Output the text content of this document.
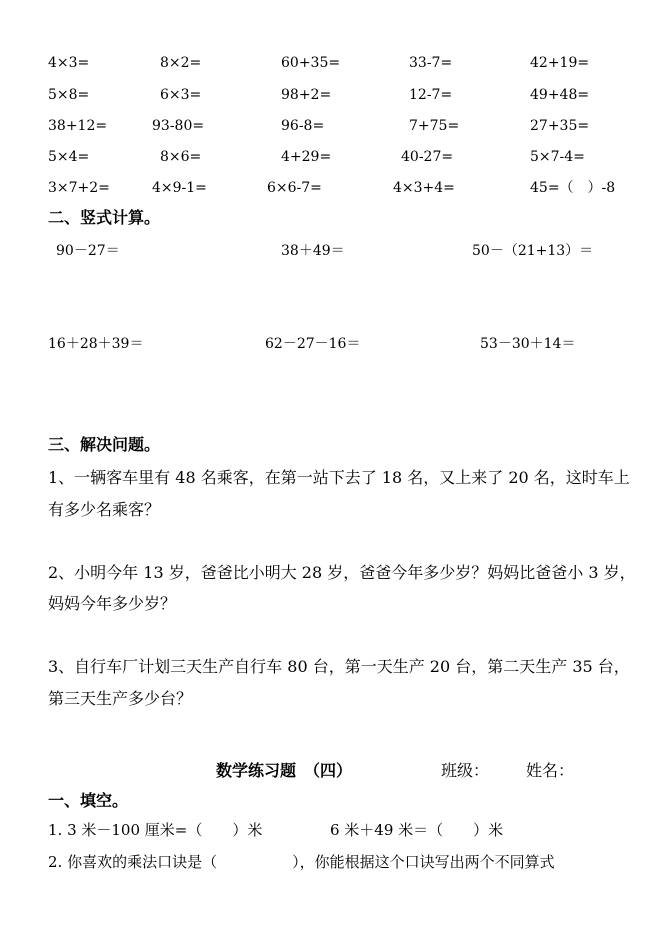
4×3=	8×2=	60+35=	33-7=	42+19=
5×8=	6×3=	98+2=	12-7=	49+48=
38+12=	93-80=	96-8=	7+75=	27+35=
5×4=	8×6=	4+29=	40-27=	5×7-4=
3×7+2=	4×9-1=	6×6-7=	4×3+4=	45=（　）-8
二、竖式计算。
90－27＝	38＋49＝	50－（21+13）＝
16＋28＋39＝	62－27－16＝	53－30＋14＝
三、解决问题。
1、一辆客车里有 48 名乘客，在第一站下去了 18 名，又上来了 20 名，这时车上
有多少名乘客？
2、小明今年 13 岁，爸爸比小明大 28 岁，爸爸今年多少岁？妈妈比爸爸小 3 岁，
妈妈今年多少岁？
3、自行车厂计划三天生产自行车 80 台，第一天生产 20 台，第二天生产 35 台，
第三天生产多少台？
数学练习题　（四）	班级： 姓名：
一、填空。
1. 3 米－100 厘米=（　　）米	6 米＋49 米＝（　　）米
2. 你喜欢的乘法口诀是（　　　　　），你能根据这个口诀写出两个不同算式
